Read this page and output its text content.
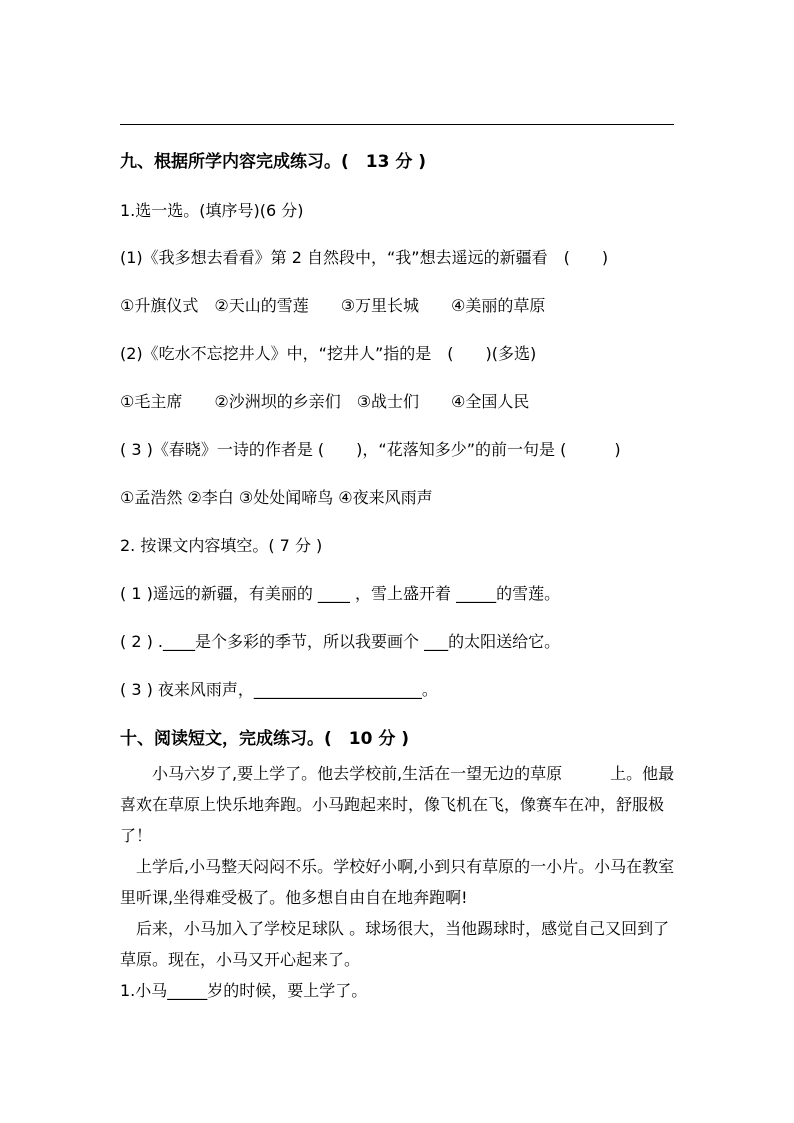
九、根据所学内容完成练习。(　13 分 )
1.选一选。(填序号)(6 分)
(1)《我多想去看看》第 2 自然段中，“我”想去遥远的新疆看　(　　)
①升旗仪式　②天山的雪莲　　③万里长城　　④美丽的草原
(2)《吃水不忘挖井人》中，“挖井人”指的是　(　　)(多选)
①毛主席　　②沙洲坝的乡亲们　③战士们　　④全国人民
( 3 )《春晓》一诗的作者是 (　　)，“花落知多少”的前一句是 (　　　)
①孟浩然 ②李白 ③处处闻啼鸟 ④夜来风雨声
2. 按课文内容填空。( 7 分 )
( 1 )遥远的新疆，有美丽的 ____ ，雪上盛开着 _____的雪莲。
( 2 ) .____是个多彩的季节，所以我要画个 ___的太阳送给它。
( 3 ) 夜来风雨声，_____________________。
十、阅读短文，完成练习。(　10 分 )

　　小马六岁了,要上学了。他去学校前,生活在一望无边的草原　　　上。他最喜欢在草原上快乐地奔跑。小马跑起来时，像飞机在飞，像赛车在冲，舒服极了！

　上学后,小马整天闷闷不乐。学校好小啊,小到只有草原的一小片。小马在教室里听课,坐得难受极了。他多想自由自在地奔跑啊!

　后来，小马加入了学校足球队 。球场很大，当他踢球时，感觉自己又回到了草原。现在，小马又开心起来了。

1.小马_____岁的时候，要上学了。
